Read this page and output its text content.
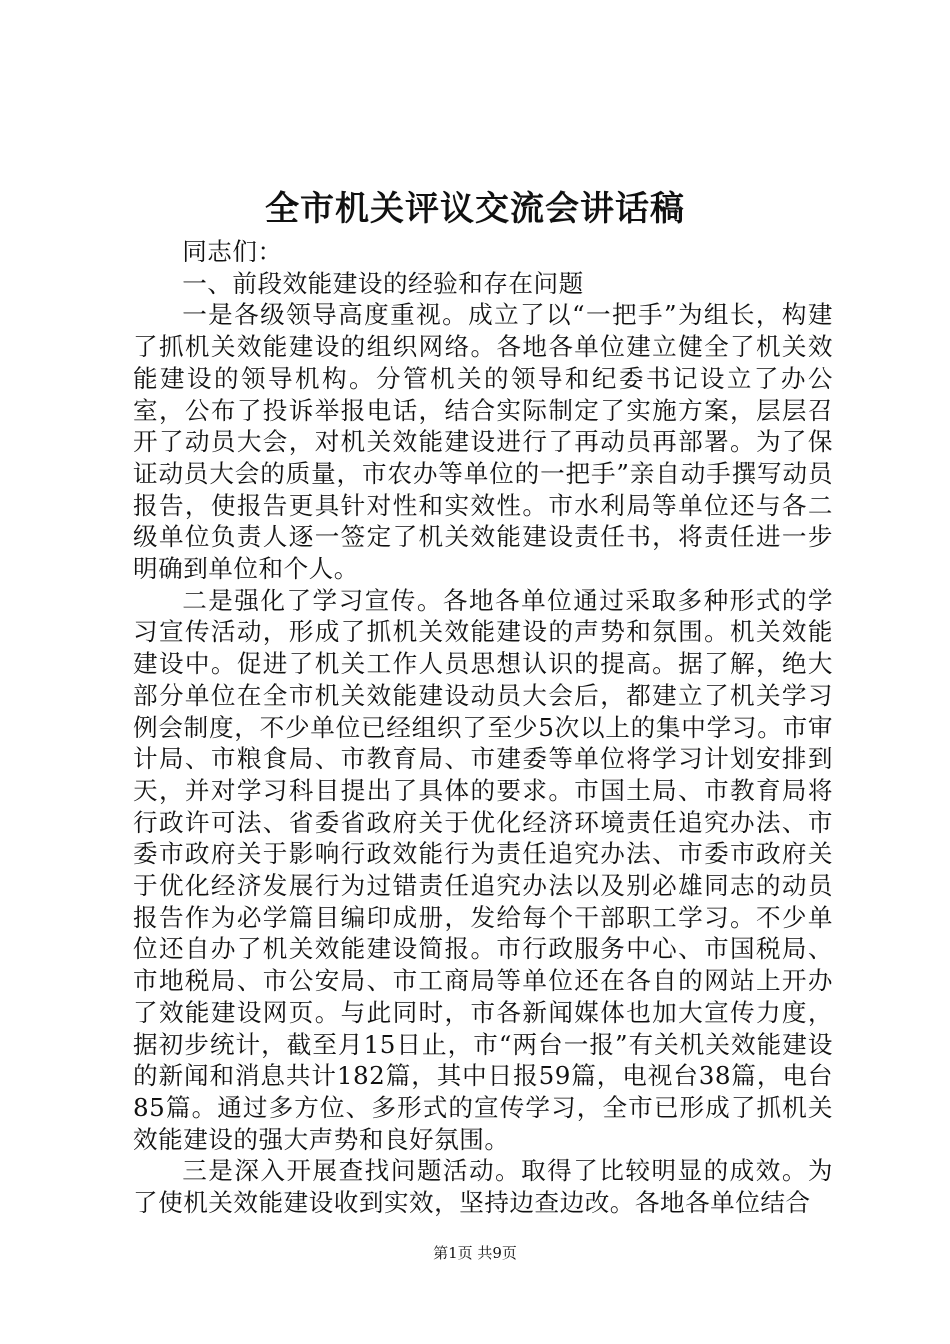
全市机关评议交流会讲话稿

同志们：

一、前段效能建设的经验和存在问题

一是各级领导高度重视。成立了以“一把手”为组长，构建了抓机关效能建设的组织网络。各地各单位建立健全了机关效能建设的领导机构。分管机关的领导和纪委书记设立了办公室，公布了投诉举报电话，结合实际制定了实施方案，层层召开了动员大会，对机关效能建设进行了再动员再部署。为了保证动员大会的质量，市农办等单位的一把手”亲自动手撰写动员报告，使报告更具针对性和实效性。市水利局等单位还与各二级单位负责人逐一签定了机关效能建设责任书，将责任进一步明确到单位和个人。

二是强化了学习宣传。各地各单位通过采取多种形式的学习宣传活动，形成了抓机关效能建设的声势和氛围。机关效能建设中。促进了机关工作人员思想认识的提高。据了解，绝大部分单位在全市机关效能建设动员大会后，都建立了机关学习例会制度，不少单位已经组织了至少5次以上的集中学习。市审计局、市粮食局、市教育局、市建委等单位将学习计划安排到天，并对学习科目提出了具体的要求。市国土局、市教育局将行政许可法、省委省政府关于优化经济环境责任追究办法、市委市政府关于影响行政效能行为责任追究办法、市委市政府关于优化经济发展行为过错责任追究办法以及别必雄同志的动员报告作为必学篇目编印成册，发给每个干部职工学习。不少单位还自办了机关效能建设简报。市行政服务中心、市国税局、市地税局、市公安局、市工商局等单位还在各自的网站上开办了效能建设网页。与此同时，市各新闻媒体也加大宣传力度，据初步统计，截至月15日止，市“两台一报”有关机关效能建设的新闻和消息共计182篇，其中日报59篇，电视台38篇，电台85篇。通过多方位、多形式的宣传学习，全市已形成了抓机关效能建设的强大声势和良好氛围。

三是深入开展查找问题活动。取得了比较明显的成效。为了使机关效能建设收到实效，坚持边查边改。各地各单位结合

第1页 共9页
